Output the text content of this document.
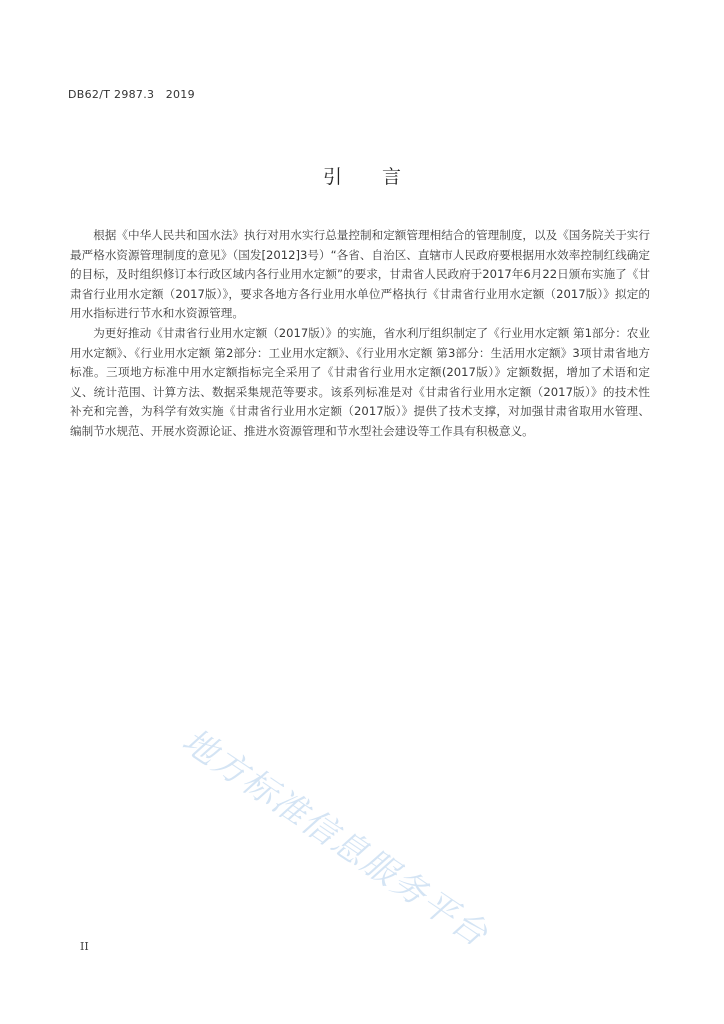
DB62/T 2987.3   2019
引言

根据《中华人民共和国水法》执行对用水实行总量控制和定额管理相结合的管理制度，以及《国务院关于实行最严格水资源管理制度的意见》（国发[2012]3号）“各省、自治区、直辖市人民政府要根据用水效率控制红线确定的目标，及时组织修订本行政区域内各行业用水定额”的要求，甘肃省人民政府于2017年6月22日颁布实施了《甘肃省行业用水定额（2017版）》，要求各地方各行业用水单位严格执行《甘肃省行业用水定额（2017版）》拟定的用水指标进行节水和水资源管理。

为更好推动《甘肃省行业用水定额（2017版）》的实施，省水利厅组织制定了《行业用水定额 第1部分：农业用水定额》、《行业用水定额 第2部分：工业用水定额》、《行业用水定额 第3部分：生活用水定额》3项甘肃省地方标准。三项地方标准中用水定额指标完全采用了《甘肃省行业用水定额(2017版）》定额数据，增加了术语和定义、统计范围、计算方法、数据采集规范等要求。该系列标准是对《甘肃省行业用水定额（2017版）》的技术性补充和完善，为科学有效实施《甘肃省行业用水定额（2017版）》提供了技术支撑，对加强甘肃省取用水管理、编制节水规范、开展水资源论证、推进水资源管理和节水型社会建设等工作具有积极意义。

地方标准信息服务平台
II
